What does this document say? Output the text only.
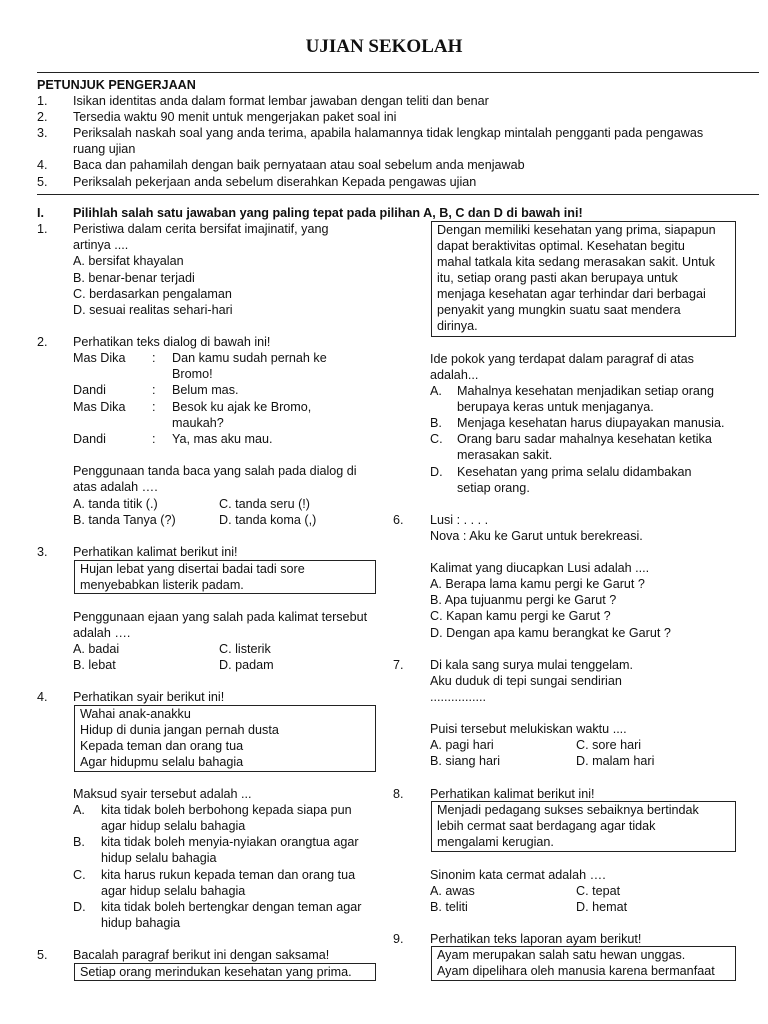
UJIAN SEKOLAH
PETUNJUK PENGERJAAN
1. Isikan identitas anda dalam format lembar jawaban dengan teliti dan benar
2. Tersedia waktu 90 menit untuk mengerjakan paket soal ini
3. Periksalah naskah soal yang anda terima, apabila halamannya tidak lengkap mintalah pengganti pada pengawas
ruang ujian
4. Baca dan pahamilah dengan baik pernyataan atau soal sebelum anda menjawab
5. Periksalah pekerjaan anda sebelum diserahkan Kepada pengawas ujian
I. Pilihlah salah satu jawaban yang paling tepat pada pilihan A, B, C dan D di bawah ini!
1. Peristiwa dalam cerita bersifat imajinatif, yang
artinya ....
A. bersifat khayalan
B. benar-benar terjadi
C. berdasarkan pengalaman
D. sesuai realitas sehari-hari
2. Perhatikan teks dialog di bawah ini!
Mas Dika : Dan kamu sudah pernah ke
Bromo!
Dandi	: Belum mas.
Mas Dika : Besok ku ajak ke Bromo,
maukah?
Dandi	: Ya, mas aku mau.
Penggunaan tanda baca yang salah pada dialog di
atas adalah ….
A. tanda titik (.)	C. tanda seru (!)
B. tanda Tanya (?)	D. tanda koma (,)
3. Perhatikan kalimat berikut ini!
Hujan lebat yang disertai badai tadi sore
menyebabkan listerik padam.
Penggunaan ejaan yang salah pada kalimat tersebut
adalah ….
A. badai	C. listerik
B. lebat	D. padam
4. Perhatikan syair berikut ini!
Wahai anak-anakku
Hidup di dunia jangan pernah dusta
Kepada teman dan orang tua
Agar hidupmu selalu bahagia
Maksud syair tersebut adalah ...
A. kita tidak boleh berbohong kepada siapa pun
agar hidup selalu bahagia
B. kita tidak boleh menyia-nyiakan orangtua agar
hidup selalu bahagia
C. kita harus rukun kepada teman dan orang tua
agar hidup selalu bahagia
D. kita tidak boleh bertengkar dengan teman agar
hidup bahagia
5. Bacalah paragraf berikut ini dengan saksama!
Setiap orang merindukan kesehatan yang prima.
Dengan memiliki kesehatan yang prima, siapapun
dapat beraktivitas optimal. Kesehatan begitu
mahal tatkala kita sedang merasakan sakit. Untuk
itu, setiap orang pasti akan berupaya untuk
menjaga kesehatan agar terhindar dari berbagai
penyakit yang mungkin suatu saat mendera
dirinya.
Ide pokok yang terdapat dalam paragraf di atas
adalah...
A. Mahalnya kesehatan menjadikan setiap orang
berupaya keras untuk menjaganya.
B. Menjaga kesehatan harus diupayakan manusia.
C. Orang baru sadar mahalnya kesehatan ketika
merasakan sakit.
D. Kesehatan yang prima selalu didambakan
setiap orang.
6. Lusi : . . . .
Nova : Aku ke Garut untuk berekreasi.
Kalimat yang diucapkan Lusi adalah ....
A. Berapa lama kamu pergi ke Garut ?
B. Apa tujuanmu pergi ke Garut ?
C. Kapan kamu pergi ke Garut ?
D. Dengan apa kamu berangkat ke Garut ?
7. Di kala sang surya mulai tenggelam.
Aku duduk di tepi sungai sendirian
................
Puisi tersebut melukiskan waktu ....
A. pagi hari	C. sore hari
B. siang hari	D. malam hari
8. Perhatikan kalimat berikut ini!
Menjadi pedagang sukses sebaiknya bertindak
lebih cermat saat berdagang agar tidak
mengalami kerugian.
Sinonim kata cermat adalah ….
A. awas	C. tepat
B. teliti	D. hemat
9. Perhatikan teks laporan ayam berikut!
Ayam merupakan salah satu hewan unggas.
Ayam dipelihara oleh manusia karena bermanfaat
